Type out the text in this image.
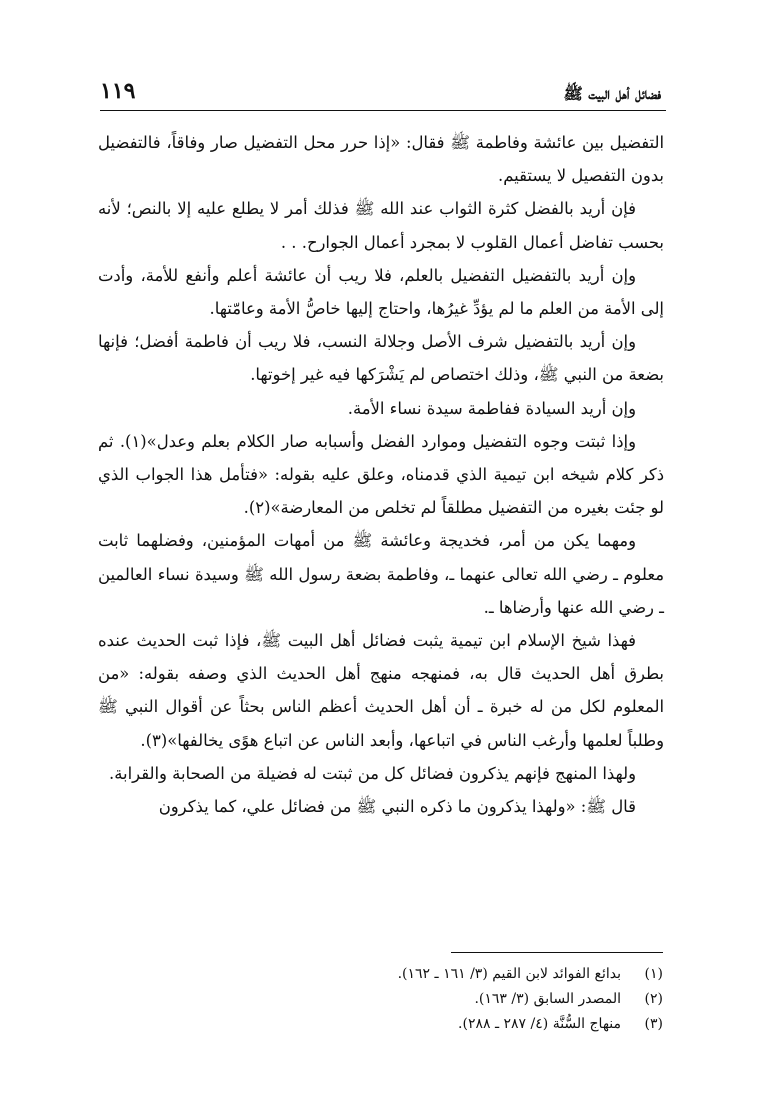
فضائل أهل البيت ﷺ
١١٩

التفضيل بين عائشة وفاطمة ﷺ فقال: «إذا حرر محل التفضيل صار وفاقاً، فالتفضيل بدون التفصيل لا يستقيم.

فإن أريد بالفضل كثرة الثواب عند الله ﷺ فذلك أمر لا يطلع عليه إلا بالنص؛ لأنه بحسب تفاضل أعمال القلوب لا بمجرد أعمال الجوارح. . .

وإن أريد بالتفضيل التفضيل بالعلم، فلا ريب أن عائشة أعلم وأنفع للأمة، وأدت إلى الأمة من العلم ما لم يؤدِّ غيرُها، واحتاج إليها خاصُّ الأمة وعامّتها.

وإن أريد بالتفضيل شرف الأصل وجلالة النسب، فلا ريب أن فاطمة أفضل؛ فإنها بضعة من النبي ﷺ، وذلك اختصاص لم يَشْرَكها فيه غير إخوتها.

وإن أريد السيادة ففاطمة سيدة نساء الأمة.

وإذا ثبتت وجوه التفضيل وموارد الفضل وأسبابه صار الكلام بعلم وعدل»(١). ثم ذكر كلام شيخه ابن تيمية الذي قدمناه، وعلق عليه بقوله: «فتأمل هذا الجواب الذي لو جئت بغيره من التفضيل مطلقاً لم تخلص من المعارضة»(٢).

ومهما يكن من أمر، فخديجة وعائشة ﷺ من أمهات المؤمنين، وفضلهما ثابت معلوم ـ رضي الله تعالى عنهما ـ، وفاطمة بضعة رسول الله ﷺ وسيدة نساء العالمين ـ رضي الله عنها وأرضاها ـ.

فهذا شيخ الإسلام ابن تيمية يثبت فضائل أهل البيت ﷺ، فإذا ثبت الحديث عنده بطرق أهل الحديث قال به، فمنهجه منهج أهل الحديث الذي وصفه بقوله: «من المعلوم لكل من له خبرة ـ أن أهل الحديث أعظم الناس بحثاً عن أقوال النبي ﷺ وطلباً لعلمها وأرغب الناس في اتباعها، وأبعد الناس عن اتباع هوًى يخالفها»(٣).

ولهذا المنهج فإنهم يذكرون فضائل كل من ثبتت له فضيلة من الصحابة والقرابة.

قال ﷺ: «ولهذا يذكرون ما ذكره النبي ﷺ من فضائل علي، كما يذكرون

(١)
بدائع الفوائد لابن القيم (٣/ ١٦١ ـ ١٦٢).
(٢)
المصدر السابق (٣/ ١٦٣).
(٣)
منهاج السُّنَّة (٤/ ٢٨٧ ـ ٢٨٨).
